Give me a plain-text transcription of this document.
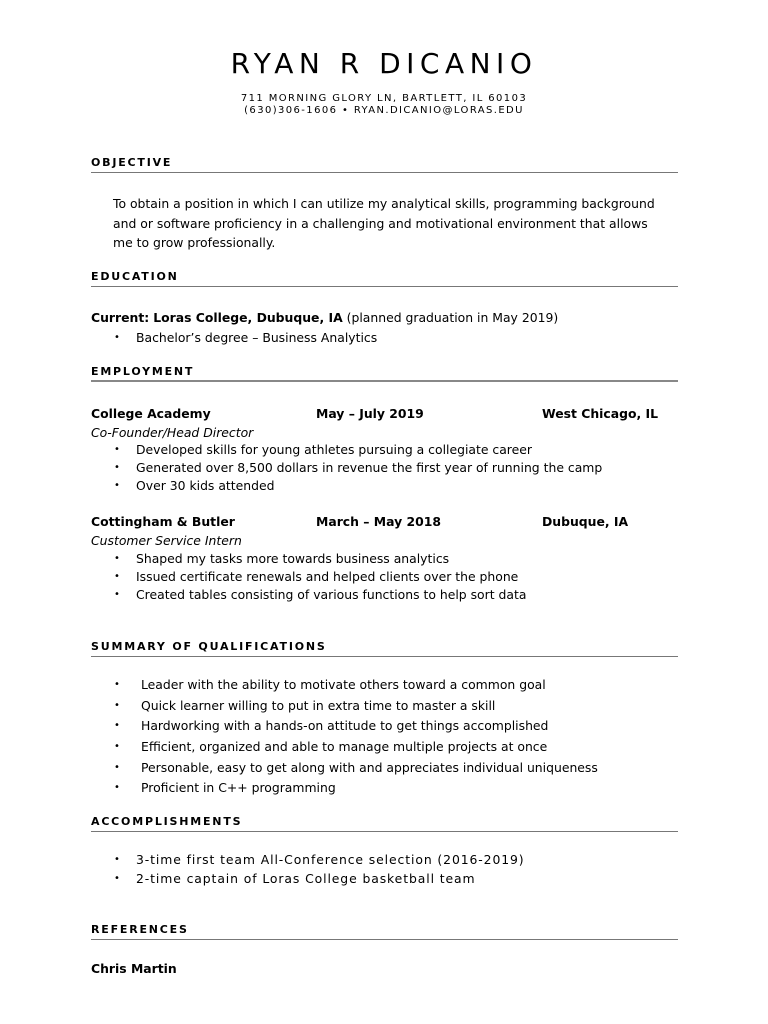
RYAN R DICANIO
711 MORNING GLORY LN, BARTLETT, IL 60103
(630)306-1606 • RYAN.DICANIO@LORAS.EDU
OBJECTIVE
To obtain a position in which I can utilize my analytical skills, programming background
and or software proficiency in a challenging and motivational environment that allows
me to grow professionally.
EDUCATION
Current: Loras College, Dubuque, IA (planned graduation in May 2019)
• Bachelor’s degree – Business Analytics
EMPLOYMENT
College Academy	May – July 2019	West Chicago, IL
Co-Founder/Head Director
• Developed skills for young athletes pursuing a collegiate career
• Generated over 8,500 dollars in revenue the first year of running the camp
• Over 30 kids attended
Cottingham & Butler	March – May 2018	Dubuque, IA
Customer Service Intern
• Shaped my tasks more towards business analytics
• Issued certificate renewals and helped clients over the phone
• Created tables consisting of various functions to help sort data
SUMMARY OF QUALIFICATIONS
• Leader with the ability to motivate others toward a common goal
• Quick learner willing to put in extra time to master a skill
• Hardworking with a hands-on attitude to get things accomplished
• Efficient, organized and able to manage multiple projects at once
• Personable, easy to get along with and appreciates individual uniqueness
• Proficient in C++ programming
ACCOMPLISHMENTS
• 3-time first team All-Conference selection (2016-2019)
• 2-time captain of Loras College basketball team
REFERENCES
Chris Martin
